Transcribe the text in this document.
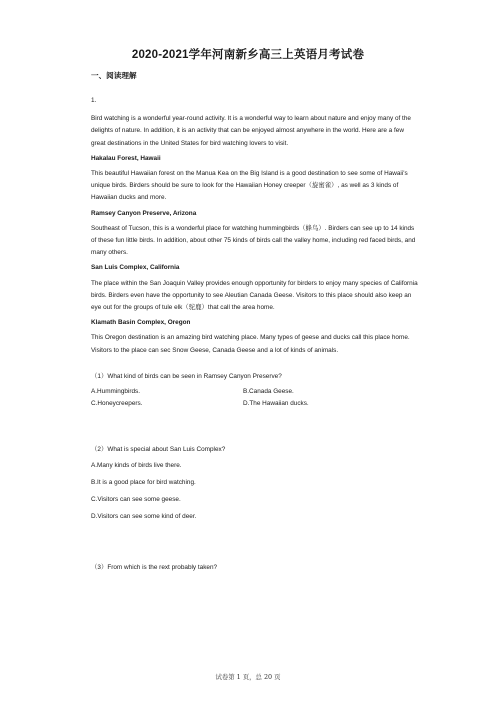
2020-2021学年河南新乡高三上英语月考试卷
一、阅读理解

1.

Bird watching is a wonderful year-round activity. It is a wonderful way to learn about nature and enjoy many of the delights of nature. In addition, it is an activity that can be enjoyed almost anywhere in the world. Here are a few great destinations in the United States for bird watching lovers to visit.

Hakalau Forest, Hawaii

This beautiful Hawaiian forest on the Manua Kea on the Big Island is a good destination to see some of Hawaii's unique birds. Birders should be sure to look for the Hawaiian Honey creeper（旋蜜雀）, as well as 3 kinds of Hawaiian ducks and more.

Ramsey Canyon Preserve, Arizona

Southeast of Tucson, this is a wonderful place for watching hummingbirds（蜂鸟）. Birders can see up to 14 kinds of these fun little birds. In addition, about other 75 kinds of birds call the valley home, including red faced birds, and many others.

San Luis Complex, California

The place within the San Joaquin Valley provides enough opportunity for birders to enjoy many species of California birds. Birders even have the opportunity to see Aleutian Canada Geese. Visitors to this place should also keep an eye out for the groups of tule elk（驼鹿）that call the area home.

Klamath Basin Complex, Oregon

This Oregon destination is an amazing bird watching place. Many types of geese and ducks call this place home. Visitors to the place can sec Snow Geese, Canada Geese and a lot of kinds of animals.

（1）What kind of birds can be seen in Ramsey Canyon Preserve?

A.Hummingbirds.	B.Canada Geese.

C.Honeycreepers.	D.The Hawaiian ducks.

（2）What is special about San Luis Complex?

A.Many kinds of birds live there.

B.It is a good place for bird watching.

C.Visitors can see some geese.

D.Visitors can see some kind of deer.

（3）From which is the rext probably taken?

试卷第 1 页，总 20 页
